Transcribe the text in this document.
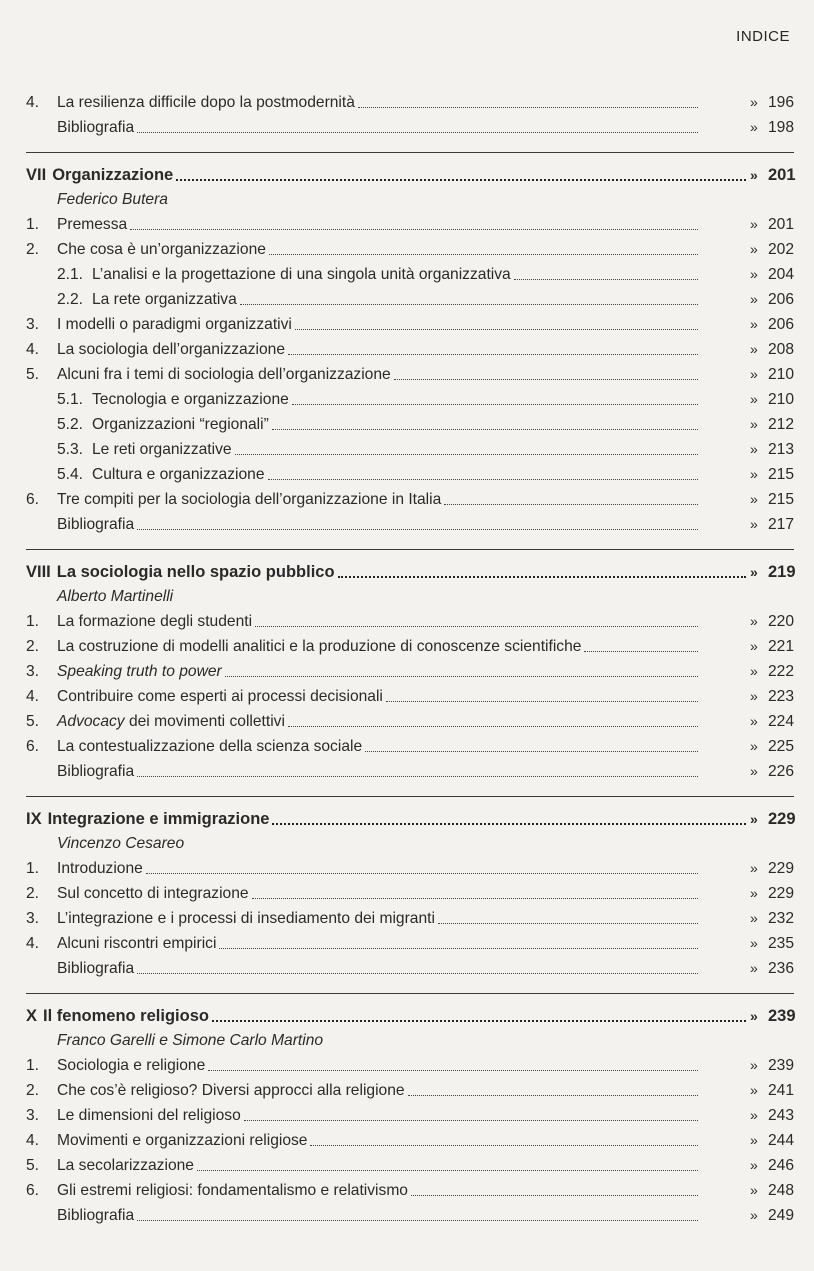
INDICE
4.	La resilienza difficile dopo la postmodernità	» 196
Bibliografia	» 198
VII Organizzazione	» 201
Federico Butera
1.	Premessa	» 201
2.	Che cosa è un’organizzazione	» 202
2.1. L’analisi e la progettazione di una singola unità organizzativa	» 204
2.2. La rete organizzativa	» 206
3.	I modelli o paradigmi organizzativi	» 206
4.	La sociologia dell’organizzazione	» 208
5.	Alcuni fra i temi di sociologia dell’organizzazione	» 210
5.1. Tecnologia e organizzazione	» 210
5.2. Organizzazioni “regionali”	» 212
5.3. Le reti organizzative	» 213
5.4. Cultura e organizzazione	» 215
6.	Tre compiti per la sociologia dell’organizzazione in Italia	» 215
Bibliografia	» 217
VIII La sociologia nello spazio pubblico	» 219
Alberto Martinelli
1.	La formazione degli studenti	» 220
2.	La costruzione di modelli analitici e la produzione di conoscenze scientifiche	» 221
3.	Speaking truth to power	» 222
4.	Contribuire come esperti ai processi decisionali	» 223
5.	Advocacy dei movimenti collettivi	» 224
6.	La contestualizzazione della scienza sociale	» 225
Bibliografia	» 226
IX Integrazione e immigrazione	» 229
Vincenzo Cesareo
1.	Introduzione	» 229
2.	Sul concetto di integrazione	» 229
3.	L’integrazione e i processi di insediamento dei migranti	» 232
4.	Alcuni riscontri empirici	» 235
Bibliografia	» 236
X Il fenomeno religioso	» 239
Franco Garelli e Simone Carlo Martino
1.	Sociologia e religione	» 239
2.	Che cos’è religioso? Diversi approcci alla religione	» 241
3.	Le dimensioni del religioso	» 243
4.	Movimenti e organizzazioni religiose	» 244
5.	La secolarizzazione	» 246
6.	Gli estremi religiosi: fondamentalismo e relativismo	» 248
Bibliografia	» 249
